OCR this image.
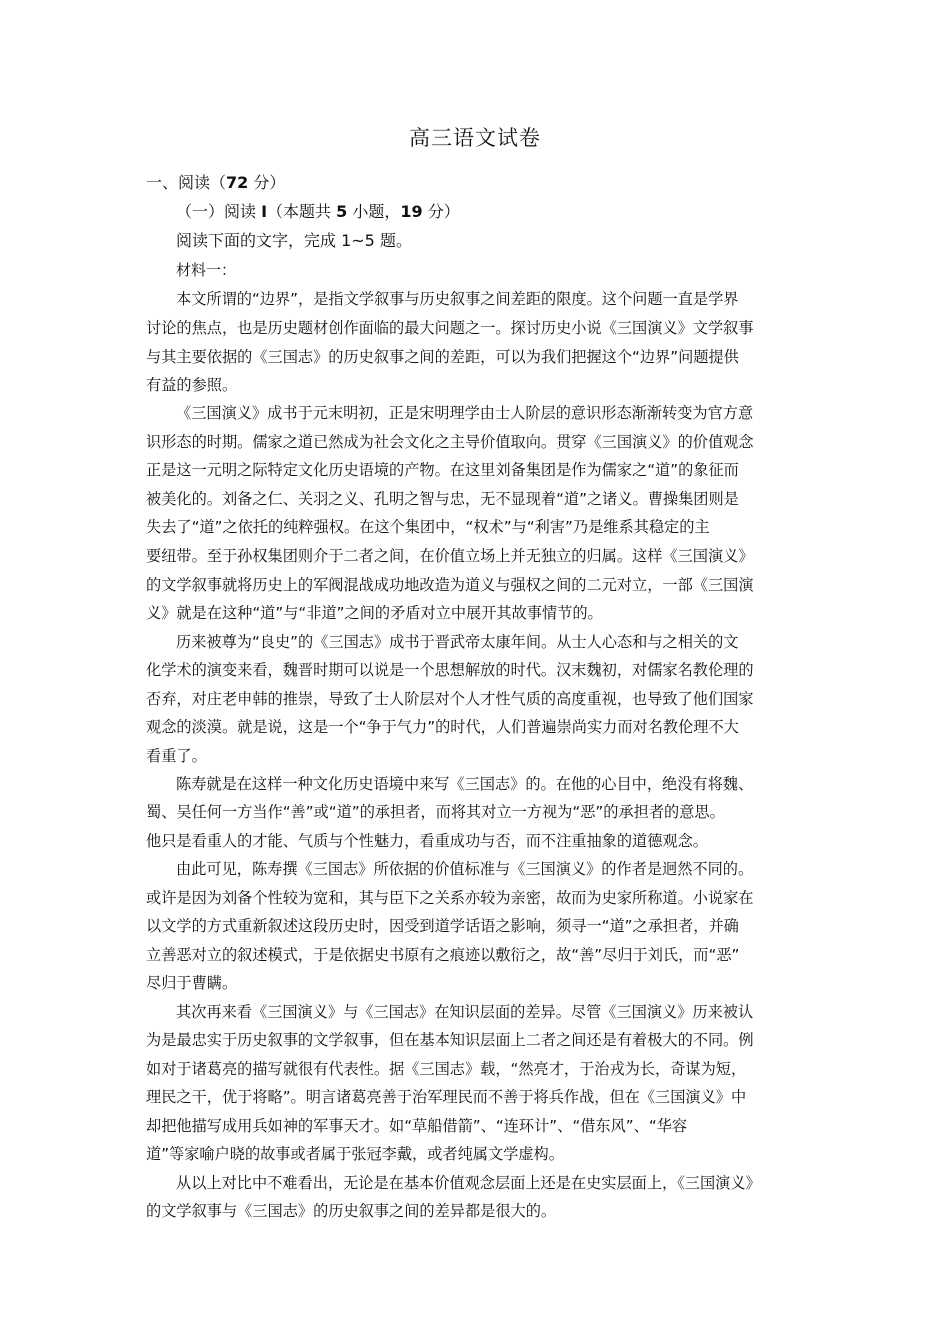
高三语文试卷
一、阅读（72 分）
（一）阅读 I（本题共 5 小题，19 分）
阅读下面的文字，完成 1~5 题。
材料一：
本文所谓的“边界”，是指文学叙事与历史叙事之间差距的限度。这个问题一直是学界
讨论的焦点，也是历史题材创作面临的最大问题之一。探讨历史小说《三国演义》文学叙事
与其主要依据的《三国志》的历史叙事之间的差距，可以为我们把握这个“边界”问题提供
有益的参照。
《三国演义》成书于元末明初，正是宋明理学由士人阶层的意识形态渐渐转变为官方意
识形态的时期。儒家之道已然成为社会文化之主导价值取向。贯穿《三国演义》的价值观念
正是这一元明之际特定文化历史语境的产物。在这里刘备集团是作为儒家之“道”的象征而
被美化的。刘备之仁、关羽之义、孔明之智与忠，无不显现着“道”之诸义。曹操集团则是
失去了“道”之依托的纯粹强权。在这个集团中，“权术”与“利害”乃是维系其稳定的主
要纽带。至于孙权集团则介于二者之间，在价值立场上并无独立的归属。这样《三国演义》
的文学叙事就将历史上的军阀混战成功地改造为道义与强权之间的二元对立，一部《三国演
义》就是在这种“道”与“非道”之间的矛盾对立中展开其故事情节的。
历来被尊为“良史”的《三国志》成书于晋武帝太康年间。从士人心态和与之相关的文
化学术的演变来看，魏晋时期可以说是一个思想解放的时代。汉末魏初，对儒家名教伦理的
否弃，对庄老申韩的推崇，导致了士人阶层对个人才性气质的高度重视，也导致了他们国家
观念的淡漠。就是说，这是一个“争于气力”的时代，人们普遍崇尚实力而对名教伦理不大
看重了。
陈寿就是在这样一种文化历史语境中来写《三国志》的。在他的心目中，绝没有将魏、
蜀、吴任何一方当作“善”或“道”的承担者，而将其对立一方视为“恶”的承担者的意思。
他只是看重人的才能、气质与个性魅力，看重成功与否，而不注重抽象的道德观念。
由此可见，陈寿撰《三国志》所依据的价值标准与《三国演义》的作者是迥然不同的。
或许是因为刘备个性较为宽和，其与臣下之关系亦较为亲密，故而为史家所称道。小说家在
以文学的方式重新叙述这段历史时，因受到道学话语之影响，须寻一“道”之承担者，并确
立善恶对立的叙述模式，于是依据史书原有之痕迹以敷衍之，故“善”尽归于刘氏，而“恶”
尽归于曹瞒。
其次再来看《三国演义》与《三国志》在知识层面的差异。尽管《三国演义》历来被认
为是最忠实于历史叙事的文学叙事，但在基本知识层面上二者之间还是有着极大的不同。例
如对于诸葛亮的描写就很有代表性。据《三国志》载，“然亮才，于治戎为长，奇谋为短，
理民之干，优于将略”。明言诸葛亮善于治军理民而不善于将兵作战，但在《三国演义》中
却把他描写成用兵如神的军事天才。如“草船借箭”、“连环计”、“借东风”、“华容
道”等家喻户晓的故事或者属于张冠李戴，或者纯属文学虚构。
从以上对比中不难看出，无论是在基本价值观念层面上还是在史实层面上，《三国演义》
的文学叙事与《三国志》的历史叙事之间的差异都是很大的。
